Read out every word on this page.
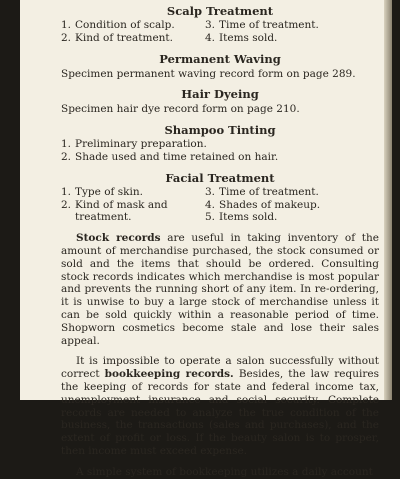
Scalp Treatment
1. Condition of scalp.
2. Kind of treatment.
3. Time of treatment.
4. Items sold.
Permanent Waving
Specimen permanent waving record form on page 289.
Hair Dyeing
Specimen hair dye record form on page 210.
Shampoo Tinting
1. Preliminary preparation.
2. Shade used and time retained on hair.
Facial Treatment
1. Type of skin.
2. Kind of mask and treatment.
3. Time of treatment.
4. Shades of makeup.
5. Items sold.

Stock records are useful in taking inventory of the amount of merchandise purchased, the stock consumed or sold and the items that should be ordered. Consulting stock records indicates which merchandise is most popular and prevents the running short of any item. In re-ordering, it is unwise to buy a large stock of merchandise unless it can be sold quickly within a reasonable period of time. Shopworn cosmetics become stale and lose their sales appeal.

It is impossible to operate a salon successfully without correct bookkeeping records. Besides, the law requires the keeping of records for state and federal income tax, unemployment insurance and social security. Complete records are needed to analyze the true condition of the business, the transactions (sales and purchases), and the extent of profit or loss. If the beauty salon is to prosper, then income must exceed expense.

A simple system of bookkeeping utilizes a daily account
